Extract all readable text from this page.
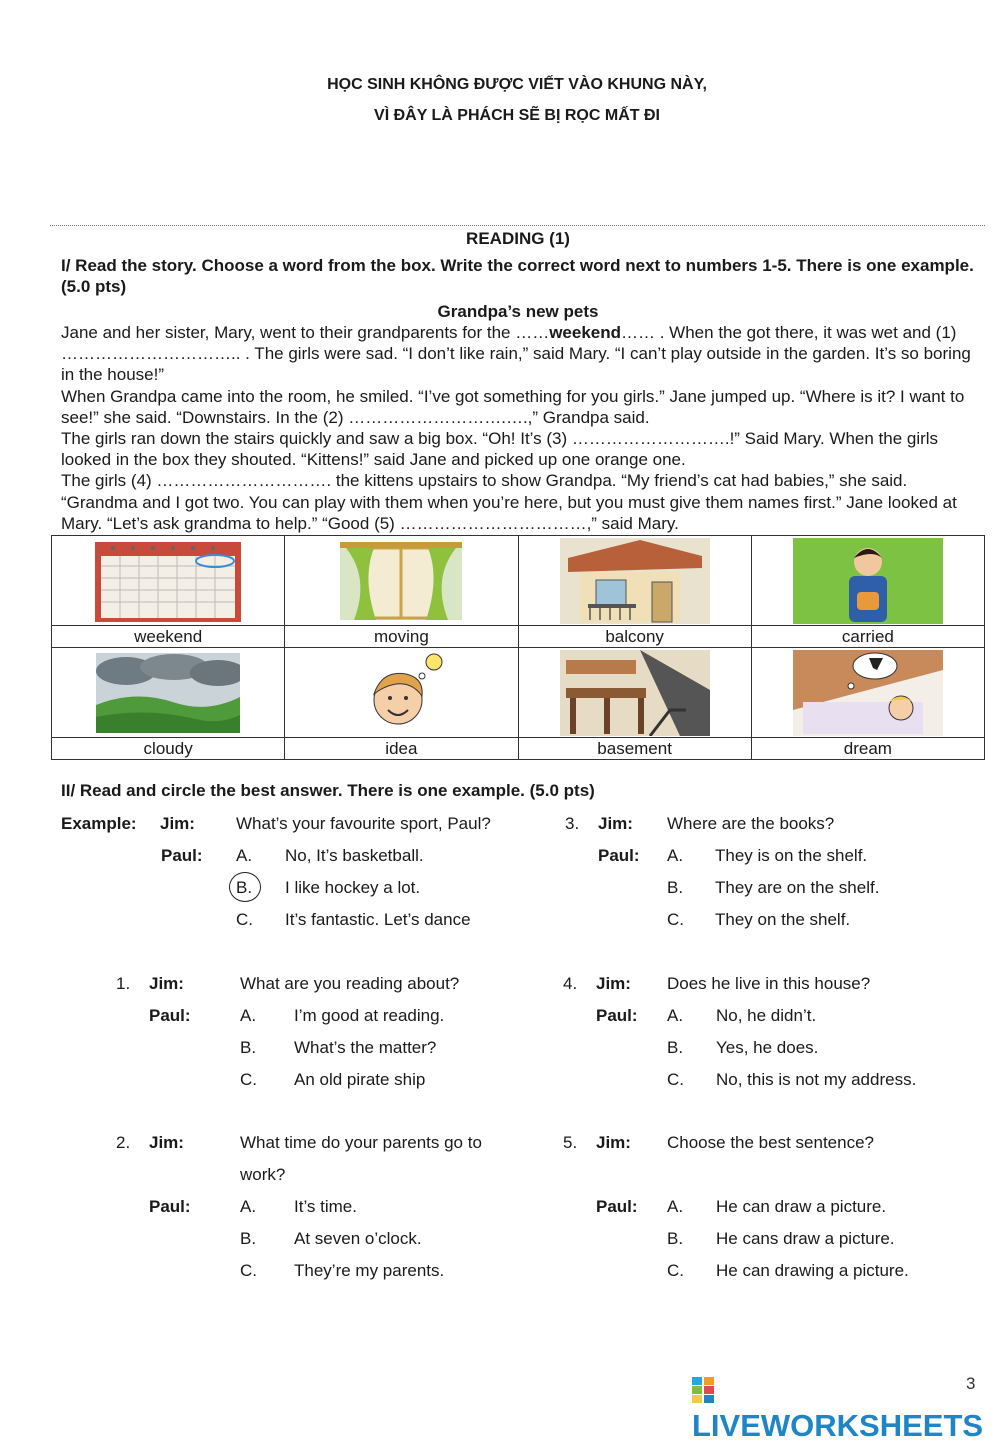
HỌC SINH KHÔNG ĐƯỢC VIẾT VÀO KHUNG NÀY,
VÌ ĐÂY LÀ PHÁCH SẼ BỊ RỌC MẤT ĐI
READING (1)
I/ Read the story. Choose a word from the box. Write the correct word next to numbers 1-5. There is one example. (5.0 pts)
Grandpa’s new pets

Jane and her sister, Mary, went to their grandparents for the ……weekend…… . When the got there, it was wet and (1) ………………………….. . The girls were sad. “I don’t like rain,” said Mary. “I can’t play outside in the garden. It’s so boring in the house!”

When Grandpa came into the room, he smiled. “I’ve got something for you girls.” Jane jumped up. “Where is it? I want to see!” she said. “Downstairs. In the (2) ……………………….….,” Grandpa said.

The girls ran down the stairs quickly and saw a big box. “Oh! It’s (3) ……………………….!” Said Mary. When the girls looked in the box they shouted. “Kittens!” said Jane and picked up one orange one.

The girls (4) …………………………. the kittens upstairs to show Grandpa. “My friend’s cat had babies,” she said. “Grandma and I got two. You can play with them when you’re here, but you must give them names first.” Jane looked at Mary. “Let’s ask grandma to help.” “Good (5) ……………………………,” said Mary.

weekend	moving	balcony	carried

cloudy	idea	basement	dream
II/ Read and circle the best answer. There is one example. (5.0 pts)
Example: Jim: What’s your favourite sport, Paul?
Paul: A. No, It’s basketball.
B. I like hockey a lot.
C. It’s fantastic. Let’s dance
1. Jim:	What are you reading about?
Paul:	A. I’m good at reading.
B. What’s the matter?
C. An old pirate ship
2. Jim:	What time do your parents go to
work?
Paul:	A. It’s time.
B. At seven o’clock.
C. They’re my parents.
3. Jim: Where are the books?
Paul: A. They is on the shelf.
B. They are on the shelf.
C. They on the shelf.
4. Jim: Does he live in this house?
Paul: A. No, he didn’t.
B. Yes, he does.
C. No, this is not my address.
5. Jim: Choose the best sentence?
Paul: A. He can draw a picture.
B. He cans draw a picture.
C. He can drawing a picture.
LIVEWORKSHEETS
3
